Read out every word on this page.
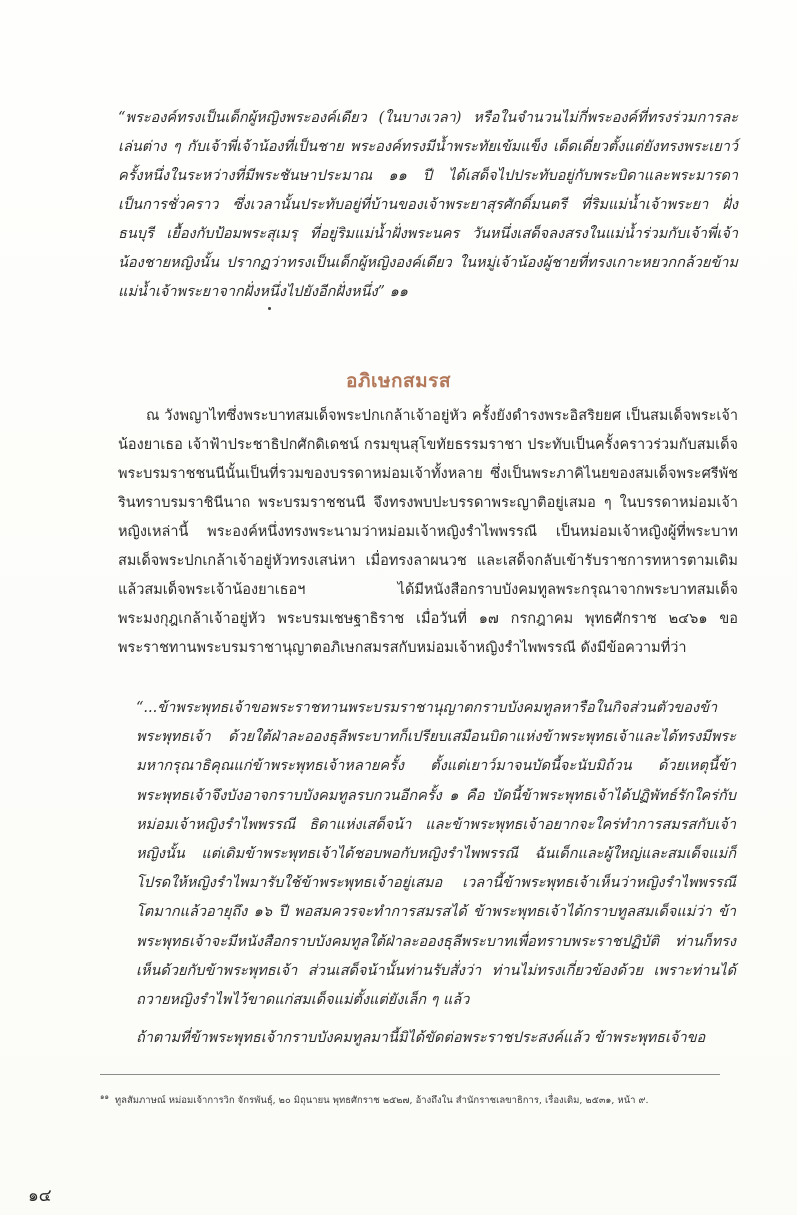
“พระองค์ทรงเป็นเด็กผู้หญิงพระองค์เดียว (ในบางเวลา) หรือในจำนวนไม่กี่พระองค์ที่ทรงร่วมการละเล่นต่าง ๆ กับเจ้าพี่เจ้าน้องที่เป็นชาย พระองค์ทรงมีน้ำพระทัยเข้มแข็ง เด็ดเดี่ยวตั้งแต่ยังทรงพระเยาว์ ครั้งหนึ่งในระหว่างที่มีพระชันษาประมาณ ๑๑ ปี ได้เสด็จไปประทับอยู่กับพระบิดาและพระมารดาเป็นการชั่วคราว ซึ่งเวลานั้นประทับอยู่ที่บ้านของเจ้าพระยาสุรศักดิ์มนตรี ที่ริมแม่น้ำเจ้าพระยา ฝั่งธนบุรี เยื้องกับป้อมพระสุเมรุ ที่อยู่ริมแม่น้ำฝั่งพระนคร วันหนึ่งเสด็จลงสรงในแม่น้ำร่วมกับเจ้าพี่เจ้าน้องชายหญิงนั้น ปรากฏว่าทรงเป็นเด็กผู้หญิงองค์เดียว ในหมู่เจ้าน้องผู้ชายที่ทรงเกาะหยวกกล้วยข้ามแม่น้ำเจ้าพระยาจากฝั่งหนึ่งไปยังอีกฝั่งหนึ่ง” ๑๑

อภิเษกสมรส

ณ วังพญาไทซึ่งพระบาทสมเด็จพระปกเกล้าเจ้าอยู่หัว ครั้งยังดำรงพระอิสริยยศ เป็นสมเด็จพระเจ้าน้องยาเธอ เจ้าฟ้าประชาธิปกศักดิเดชน์ กรมขุนสุโขทัยธรรมราชา ประทับเป็นครั้งคราวร่วมกับสมเด็จพระบรมราชชนนีนั้นเป็นที่รวมของบรรดาหม่อมเจ้าทั้งหลาย ซึ่งเป็นพระภาคิไนยของสมเด็จพระศรีพัชรินทราบรมราชินีนาถ พระบรมราชชนนี จึงทรงพบปะบรรดาพระญาติอยู่เสมอ ๆ ในบรรดาหม่อมเจ้าหญิงเหล่านี้ พระองค์หนึ่งทรงพระนามว่าหม่อมเจ้าหญิงรำไพพรรณี เป็นหม่อมเจ้าหญิงผู้ที่พระบาทสมเด็จพระปกเกล้าเจ้าอยู่หัวทรงเสน่หา เมื่อทรงลาผนวช และเสด็จกลับเข้ารับราชการทหารตามเดิมแล้วสมเด็จพระเจ้าน้องยาเธอฯ ได้มีหนังสือกราบบังคมทูลพระกรุณาจากพระบาทสมเด็จพระมงกุฎเกล้าเจ้าอยู่หัว พระบรมเชษฐาธิราช เมื่อวันที่ ๑๗ กรกฎาคม พุทธศักราช ๒๔๖๑ ขอพระราชทานพระบรมราชานุญาตอภิเษกสมรสกับหม่อมเจ้าหญิงรำไพพรรณี ดังมีข้อความที่ว่า

“...ข้าพระพุทธเจ้าขอพระราชทานพระบรมราชานุญาตกราบบังคมทูลหารือในกิจส่วนตัวของข้าพระพุทธเจ้า ด้วยใต้ฝ่าละอองธุลีพระบาทก็เปรียบเสมือนบิดาแห่งข้าพระพุทธเจ้าและได้ทรงมีพระมหากรุณาธิคุณแก่ข้าพระพุทธเจ้าหลายครั้ง ตั้งแต่เยาว์มาจนบัดนี้จะนับมิถ้วน ด้วยเหตุนี้ข้าพระพุทธเจ้าจึงบังอาจกราบบังคมทูลรบกวนอีกครั้ง ๑ คือ บัดนี้ข้าพระพุทธเจ้าได้ปฏิพัทธ์รักใคร่กับหม่อมเจ้าหญิงรำไพพรรณี ธิดาแห่งเสด็จน้า และข้าพระพุทธเจ้าอยากจะใคร่ทำการสมรสกับเจ้าหญิงนั้น แต่เดิมข้าพระพุทธเจ้าได้ชอบพอกับหญิงรำไพพรรณี ฉันเด็กและผู้ใหญ่และสมเด็จแม่ก็โปรดให้หญิงรำไพมารับใช้ข้าพระพุทธเจ้าอยู่เสมอ เวลานี้ข้าพระพุทธเจ้าเห็นว่าหญิงรำไพพรรณีโตมากแล้วอายุถึง ๑๖ ปี พอสมควรจะทำการสมรสได้ ข้าพระพุทธเจ้าได้กราบทูลสมเด็จแม่ว่า ข้าพระพุทธเจ้าจะมีหนังสือกราบบังคมทูลใต้ฝ่าละอองธุลีพระบาทเพื่อทราบพระราชปฏิบัติ ท่านก็ทรงเห็นด้วยกับข้าพระพุทธเจ้า ส่วนเสด็จน้านั้นท่านรับสั่งว่า ท่านไม่ทรงเกี่ยวข้องด้วย เพราะท่านได้ถวายหญิงรำไพไว้ขาดแก่สมเด็จแม่ตั้งแต่ยังเล็ก ๆ แล้ว

ถ้าตามที่ข้าพระพุทธเจ้ากราบบังคมทูลมานี้มิได้ขัดต่อพระราชประสงค์แล้ว ข้าพระพุทธเจ้าขอ

$^{๑๑}$ ทูลสัมภาษณ์ หม่อมเจ้าการวิก จักรพันธุ์, ๒๐ มิถุนายน พุทธศักราช ๒๕๒๗, อ้างถึงใน สำนักราชเลขาธิการ, เรื่องเดิม, ๒๕๓๑, หน้า ๙.
๑๔
